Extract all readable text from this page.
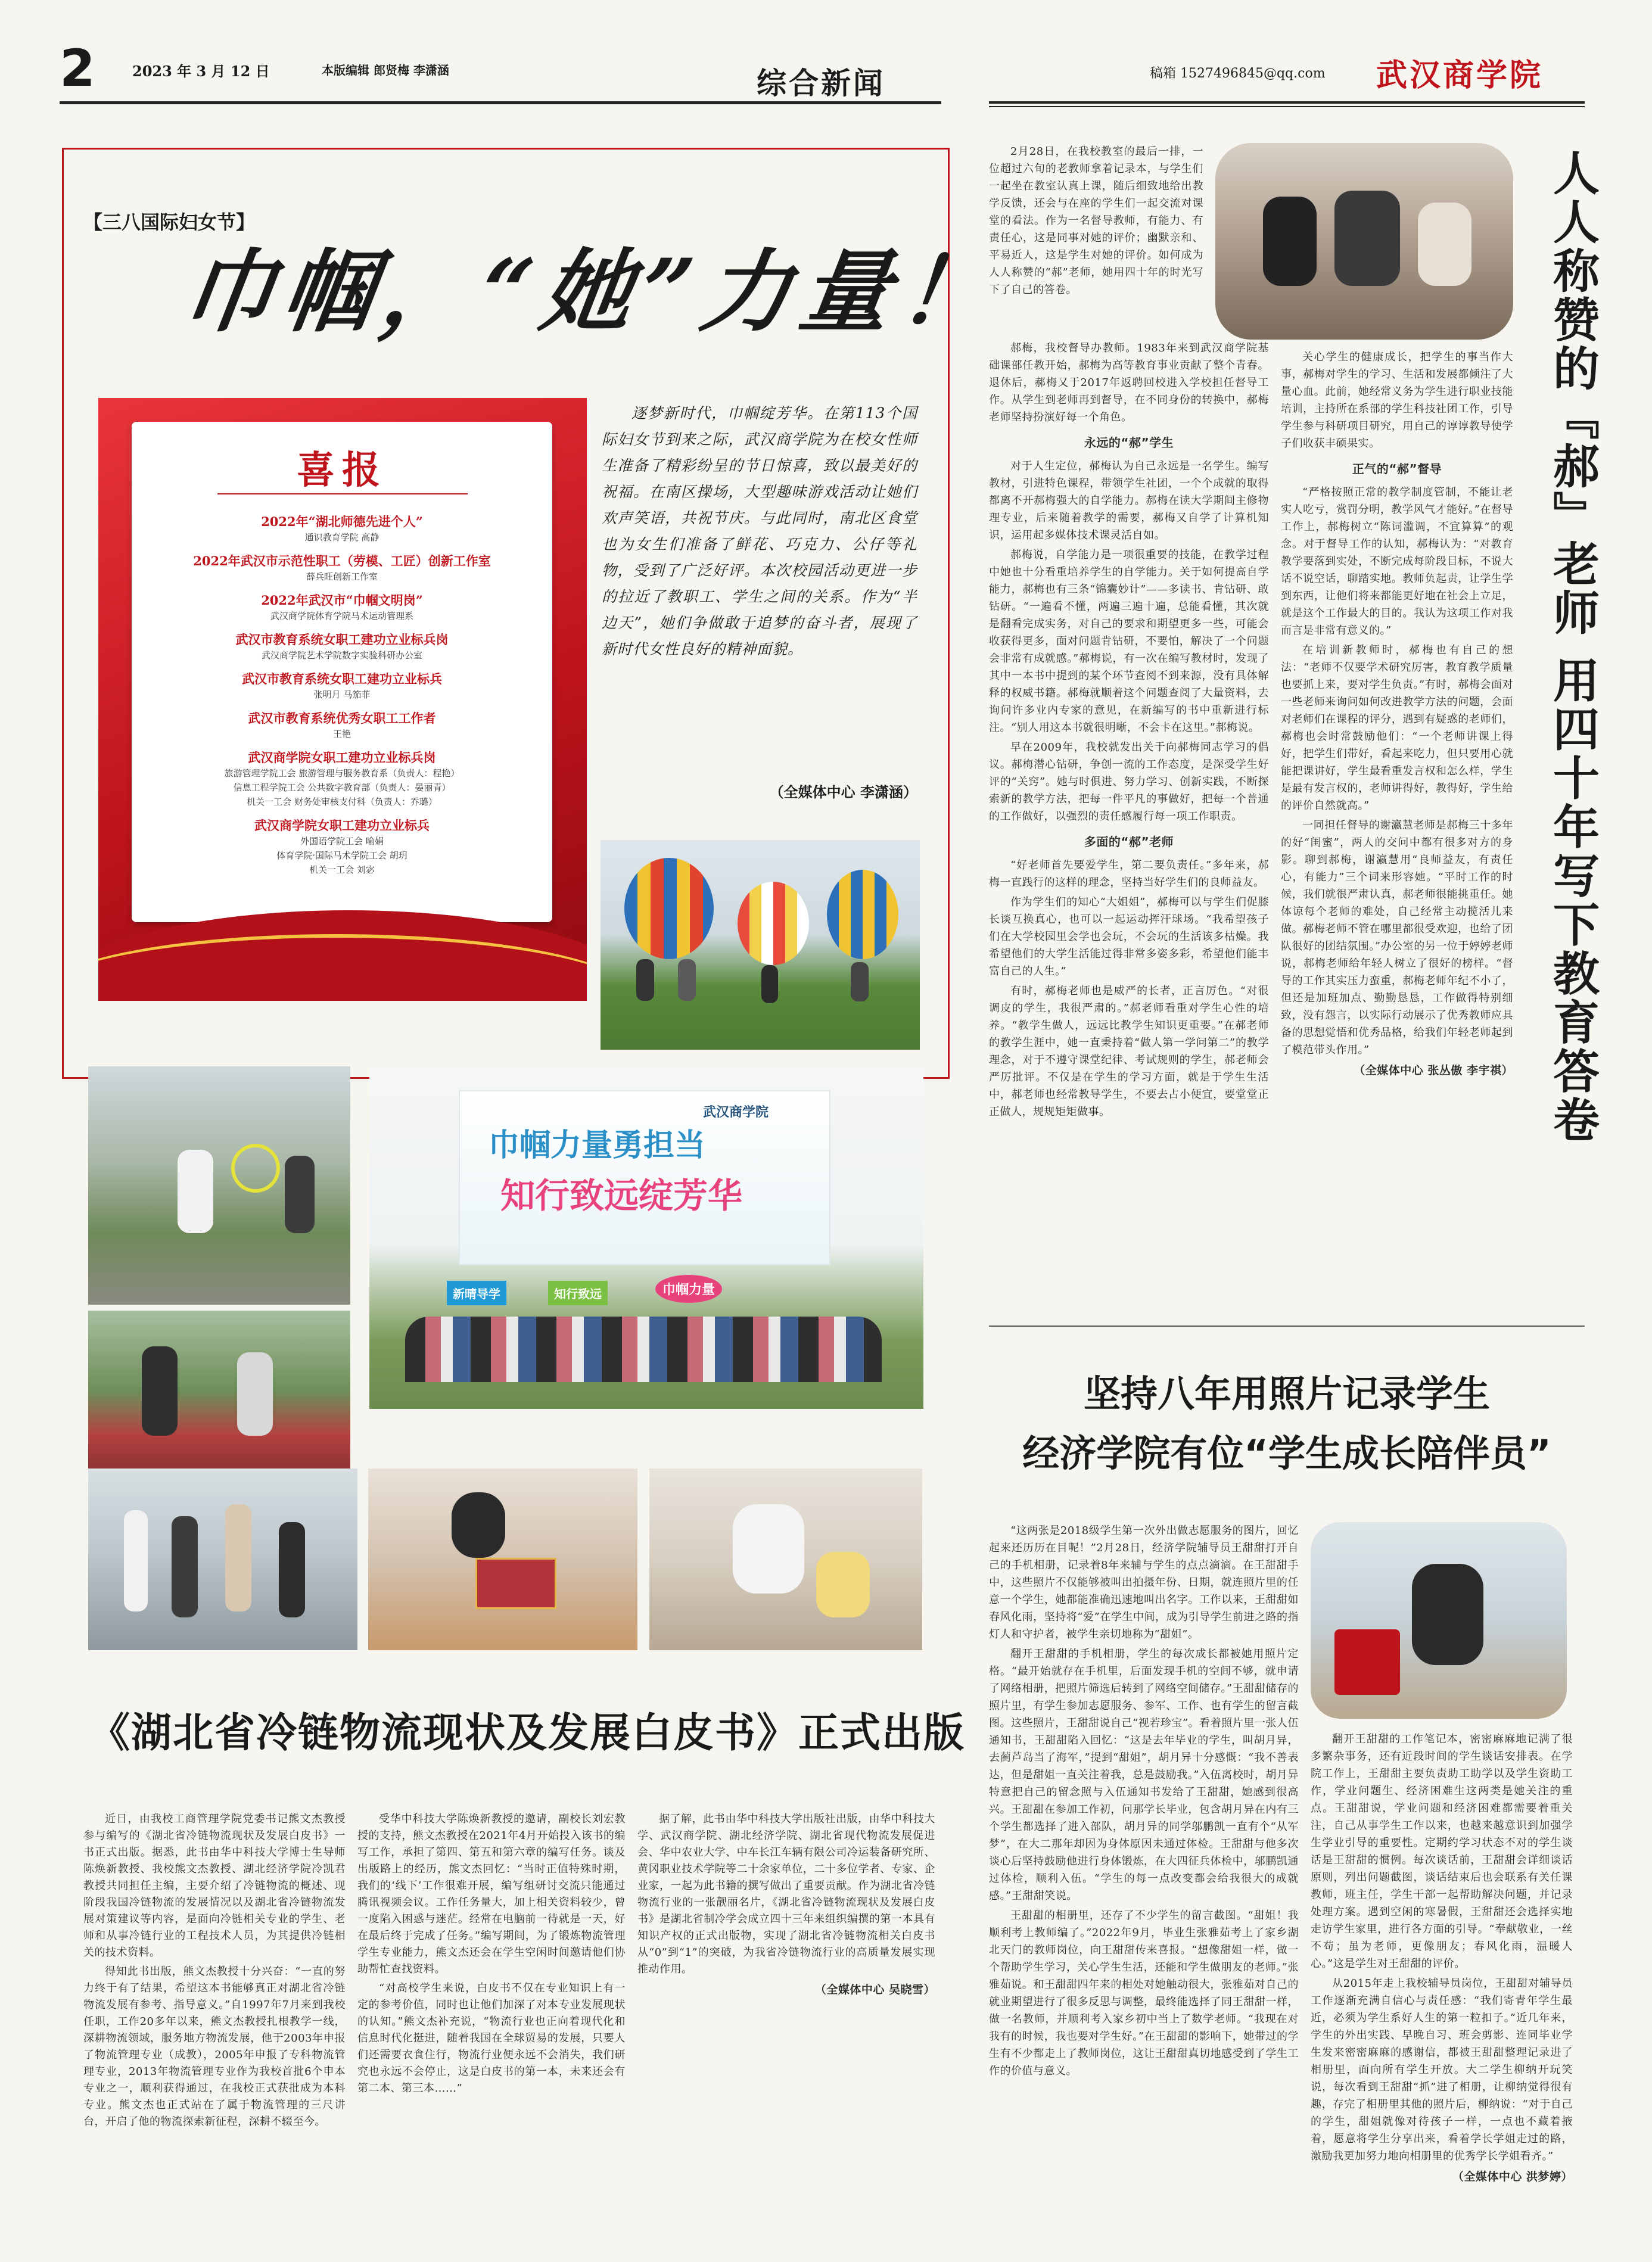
2	2023 年 3 月 12 日	本版编辑 郎贤梅 李潇涵	综合新闻	稿箱 1527496845@qq.com 武汉商学院
【三八国际妇女节】
巾帼，“她”力量！
喜报
2022年“湖北师德先进个人”
通识教育学院 高静
2022年武汉市示范性职工（劳模、工匠）创新工作室
薛兵旺创新工作室
2022年武汉市“巾帼文明岗”
武汉商学院体育学院马术运动管理系
武汉市教育系统女职工建功立业标兵岗
武汉商学院艺术学院数字实验科研办公室
武汉市教育系统女职工建功立业标兵
张明月 马笳菲
武汉市教育系统优秀女职工工作者
王艳
武汉商学院女职工建功立业标兵岗
旅游管理学院工会 旅游管理与服务教育系（负责人：程艳）
信息工程学院工会 公共数字教育部（负责人：晏丽青）
机关一工会 财务处审核支付科（负责人：乔璐）
武汉商学院女职工建功立业标兵
外国语学院工会 喻娟
体育学院·国际马术学院工会 胡玥
机关一工会 刘宓
逐梦新时代，巾帼绽芳华。在第113个国际妇女节到来之际，武汉商学院为在校女性师生准备了精彩纷呈的节日惊喜，致以最美好的祝福。在南区操场，大型趣味游戏活动让她们欢声笑语，共祝节庆。与此同时，南北区食堂也为女生们准备了鲜花、巧克力、公仔等礼物，受到了广泛好评。本次校园活动更进一步的拉近了教职工、学生之间的关系。作为“半边天”，她们争做敢于追梦的奋斗者，展现了新时代女性良好的精神面貌。
（全媒体中心 李潇涵）
巾帼力量勇担当
知行致远绽芳华
武汉商学院
新晴导学	知行致远	巾帼力量
《湖北省冷链物流现状及发展白皮书》正式出版

近日，由我校工商管理学院党委书记熊文杰教授参与编写的《湖北省冷链物流现状及发展白皮书》一书正式出版。据悉，此书由华中科技大学博士生导师陈焕新教授、我校熊文杰教授、湖北经济学院冷凯君教授共同担任主编，主要介绍了冷链物流的概述、现阶段我国冷链物流的发展情况以及湖北省冷链物流发展对策建议等内容，是面向冷链相关专业的学生、老师和从事冷链行业的工程技术人员，为其提供冷链相关的技术资料。

得知此书出版，熊文杰教授十分兴奋：“一直的努力终于有了结果，希望这本书能够真正对湖北省冷链物流发展有参考、指导意义。”自1997年7月来到我校任职，工作20多年以来，熊文杰教授扎根教学一线，深耕物流领域，服务地方物流发展，他于2003年申报了物流管理专业（成教），2005年申报了专科物流管理专业，2013年物流管理专业作为我校首批6个申本专业之一，顺利获得通过，在我校正式获批成为本科专业。熊文杰也正式站在了属于物流管理的三尺讲台，开启了他的物流探索新征程，深耕不辍至今。

受华中科技大学陈焕新教授的邀请，副校长刘宏教授的支持，熊文杰教授在2021年4月开始投入该书的编写工作，承担了第四、第五和第六章的编写任务。谈及出版路上的经历，熊文杰回忆：“当时正值特殊时期，我们的‘线下’工作很难开展，编写组研讨交流只能通过腾讯视频会议。工作任务量大，加上相关资料较少，曾一度陷入困惑与迷茫。经常在电脑前一待就是一天，好在最后终于完成了任务。”编写期间，为了锻炼物流管理学生专业能力，熊文杰还会在学生空闲时间邀请他们协助帮忙查找资料。

“对高校学生来说，白皮书不仅在专业知识上有一定的参考价值，同时也让他们加深了对本专业发展现状的认知。”熊文杰补充说，“物流行业也正向着现代化和信息时代化挺进，随着我国在全球贸易的发展，只要人们还需要衣食住行，物流行业便永远不会消失，我们研究也永远不会停止，这是白皮书的第一本，未来还会有第二本、第三本……”

据了解，此书由华中科技大学出版社出版，由华中科技大学、武汉商学院、湖北经济学院、湖北省现代物流发展促进会、华中农业大学、中车长江车辆有限公司冷运装备研究所、黄冈职业技术学院等二十余家单位，二十多位学者、专家、企业家，一起为此书籍的撰写做出了重要贡献。作为湖北省冷链物流行业的一张靓丽名片，《湖北省冷链物流现状及发展白皮书》是湖北省制冷学会成立四十三年来组织编撰的第一本具有知识产权的正式出版物，实现了湖北省冷链物流相关白皮书从“0”到“1”的突破，为我省冷链物流行业的高质量发展实现推动作用。

（全媒体中心 吴晓雪）
人人称赞的『郝』老师 用四十年写下教育答卷

2月28日，在我校教室的最后一排，一位超过六旬的老教师拿着记录本，与学生们一起坐在教室认真上课，随后细致地给出教学反馈，还会与在座的学生们一起交流对课堂的看法。作为一名督导教师，有能力、有责任心，这是同事对她的评价；幽默亲和、平易近人，这是学生对她的评价。如何成为人人称赞的“郝”老师，她用四十年的时光写下了自己的答卷。

郝梅，我校督导办教师。1983年来到武汉商学院基础课部任教开始，郝梅为高等教育事业贡献了整个青春。退休后，郝梅又于2017年返聘回校进入学校担任督导工作。从学生到老师再到督导，在不同身份的转换中，郝梅老师坚持扮演好每一个角色。

永远的“郝”学生

对于人生定位，郝梅认为自己永远是一名学生。编写教材，引进特色课程，带领学生社团，一个个成就的取得都离不开郝梅强大的自学能力。郝梅在读大学期间主修物理专业，后来随着教学的需要，郝梅又自学了计算机知识，运用起多媒体技术课灵活自如。

郝梅说，自学能力是一项很重要的技能，在教学过程中她也十分看重培养学生的自学能力。关于如何提高自学能力，郝梅也有三条“锦囊妙计”——多读书、肯钻研、敢钻研。“一遍看不懂，两遍三遍十遍，总能看懂，其次就是翻看完成实务，对自己的要求和期望更多一些，可能会收获得更多，面对问题肯钻研，不要怕，解决了一个问题会非常有成就感。”郝梅说，有一次在编写教材时，发现了其中一本书中提到的某个环节查阅不到来源，没有具体解释的权威书籍。郝梅就顺着这个问题查阅了大量资料，去询问许多业内专家的意见，在新编写的书中重新进行标注。“别人用这本书就很明晰，不会卡在这里。”郝梅说。

早在2009年，我校就发出关于向郝梅同志学习的倡议。郝梅潜心钻研，争创一流的工作态度，是深受学生好评的“关窍”。她与时俱进、努力学习、创新实践，不断探索新的教学方法，把每一件平凡的事做好，把每一个普通的工作做好，以强烈的责任感履行每一项工作职责。

多面的“郝”老师

“好老师首先要爱学生，第二要负责任。”多年来，郝梅一直践行的这样的理念，坚持当好学生们的良师益友。

作为学生们的知心“大姐姐”，郝梅可以与学生们促膝长谈互换真心，也可以一起运动挥汗球场。“我希望孩子们在大学校园里会学也会玩，不会玩的生活该多枯燥。我希望他们的大学生活能过得非常多姿多彩，希望他们能丰富自己的人生。”

有时，郝梅老师也是威严的长者，正言厉色。“对很调皮的学生，我很严肃的。”郝老师看重对学生心性的培养。“教学生做人，远远比教学生知识更重要。”在郝老师的教学生涯中，她一直秉持着“做人第一学问第二”的教学理念，对于不遵守课堂纪律、考试规则的学生，郝老师会严厉批评。不仅是在学生的学习方面，就是于学生生活中，郝老师也经常教导学生，不要去占小便宜，要堂堂正正做人，规规矩矩做事。

关心学生的健康成长，把学生的事当作大事，郝梅对学生的学习、生活和发展都倾注了大量心血。此前，她经常义务为学生进行职业技能培训，主持所在系部的学生科技社团工作，引导学生参与科研项目研究，用自己的谆谆教导使学子们收获丰硕果实。

正气的“郝”督导

“严格按照正常的教学制度管制，不能让老实人吃亏，赏罚分明，教学风气才能好。”在督导工作上，郝梅树立“陈词滥调，不宜算算”的观念。对于督导工作的认知，郝梅认为：“对教育教学要落到实处，不断完成每阶段目标，不说大话不说空话，聊踏实地。教师负起责，让学生学到东西，让他们将来都能更好地在社会上立足，就是这个工作最大的目的。我认为这项工作对我而言是非常有意义的。”

在培训新教师时，郝梅也有自己的想法：“老师不仅要学术研究厉害，教育教学质量也要抓上来，要对学生负责。”有时，郝梅会面对一些老师来询问如何改进教学方法的问题，会面对老师们在课程的评分，遇到有疑惑的老师们，郝梅也会时常鼓励他们：“一个老师讲课上得好，把学生们带好，看起来吃力，但只要用心就能把课讲好，学生最看重发言权和怎么样，学生是最有发言权的，老师讲得好，教得好，学生给的评价自然就高。”

一同担任督导的谢瀛慧老师是郝梅三十多年的好“闺蜜”，两人的交问中都有很多对方的身影。聊到郝梅，谢瀛慧用“良师益友，有责任心，有能力”三个词来形容她。“平时工作的时候，我们就很严肃认真，郝老师很能挑重任。她体谅每个老师的难处，自己经常主动揽活儿来做。郝梅老师不管在哪里都很受欢迎，也给了团队很好的团结氛围。”办公室的另一位于婷婷老师说，郝梅老师给年轻人树立了很好的榜样。“督导的工作其实压力蛮重，郝梅老师年纪不小了，但还是加班加点、勤勤恳恳，工作做得特别细致，没有怨言，以实际行动展示了优秀教师应具备的思想觉悟和优秀品格，给我们年轻老师起到了模范带头作用。”

（全媒体中心 张丛傲 李宇祺）
坚持八年用照片记录学生
经济学院有位“学生成长陪伴员”

“这两张是2018级学生第一次外出做志愿服务的图片，回忆起来还历历在目呢！”2月28日，经济学院辅导员王甜甜打开自己的手机相册，记录着8年来辅与学生的点点滴滴。在王甜甜手中，这些照片不仅能够被叫出拍摄年份、日期，就连照片里的任意一个学生，她都能准确迅速地叫出名字。工作以来，王甜甜如春风化雨，坚持将“爱”在学生中间，成为引导学生前进之路的指灯人和守护者，被学生亲切地称为“甜姐”。

翻开王甜甜的手机相册，学生的每次成长都被她用照片定格。“最开始就存在手机里，后面发现手机的空间不够，就申请了网络相册，把照片筛选后转到了网络空间储存。”王甜甜储存的照片里，有学生参加志愿服务、参军、工作、也有学生的留言截图。这些照片，王甜甜说自己“视若珍宝”。看着照片里一张人伍通知书，王甜甜陷入回忆：“这是去年毕业的学生，叫胡月异，去蔺芦岛当了海军，”提到“甜姐”，胡月异十分感慨：“我不善表达，但是甜姐一直关注着我，总是鼓励我。”入伍离校时，胡月异特意把自己的留念照与入伍通知书发给了王甜甜，她感到很高兴。王甜甜在参加工作初，问那学长毕业，包含胡月异在内有三个学生都选择了进入部队，胡月异的同学邬鹏凯一直有个“从军梦”，在大二那年却因为身体原因未通过体检。王甜甜与他多次谈心后坚持鼓励他进行身体锻炼，在大四征兵体检中，邬鹏凯通过体检，顺利入伍。“学生的每一点改变都会给我很大的成就感。”王甜甜笑说。

王甜甜的相册里，还存了不少学生的留言截图。“甜姐！我顺利考上教师编了。”2022年9月，毕业生张雅茹考上了家乡湖北天门的教师岗位，向王甜甜传来喜报。“想像甜姐一样，做一个帮助学生学习，关心学生生活，还能和学生做朋友的老师。”张雅茹说。和王甜甜四年来的相处对她触动很大，张雅茹对自己的就业期望进行了很多反思与调整，最终能选择了同王甜甜一样，做一名教师，并顺利考入家乡初中当上了数学老师。“我现在对我有的时候，我也要对学生好。”在王甜甜的影响下，她带过的学生有不少都走上了教师岗位，这让王甜甜真切地感受到了学生工作的价值与意义。

翻开王甜甜的工作笔记本，密密麻麻地记满了很多繁杂事务，还有近段时间的学生谈话安排表。在学院工作上，王甜甜主要负责助工助学以及学生资助工作，学业问题生、经济困难生这两类是她关注的重点。王甜甜说，学业问题和经济困难都需要着重关注，自己从事学生工作以来，也越来越意识到加强学生学业引导的重要性。定期约学习状态不对的学生谈话是王甜甜的惯例。每次谈话前，王甜甜会详细谈话原则，列出问题截图，谈话结束后也会联系有关任课教师，班主任，学生干部一起帮助解决问题，并记录处理方案。遇到空闲的寒暑假，王甜甜还会选择实地走访学生家里，进行各方面的引导。“奉献敬业，一丝不苟；虽为老师，更像朋友；春风化雨，温暖人心。”这是学生对王甜甜的评价。

从2015年走上我校辅导员岗位，王甜甜对辅导员工作逐渐充满自信心与责任感：“我们寄青年学生最近，必须为学生系好人生的第一粒扣子。”近几年来，学生的外出实践、早晚自习、班会剪影、连同毕业学生发来密密麻麻的感谢信，都被王甜甜整理记录进了相册里，面向所有学生开放。大二学生柳纳开玩笑说，每次看到王甜甜“抓”进了相册，让柳纳觉得很有趣，存完了相册里其他的照片后，柳纳说：“对于自己的学生，甜姐就像对待孩子一样，一点也不藏着掖着，愿意将学生分享出来，看着学长学姐走过的路，激励我更加努力地向相册里的优秀学长学姐看齐。”

（全媒体中心 洪梦婷）
